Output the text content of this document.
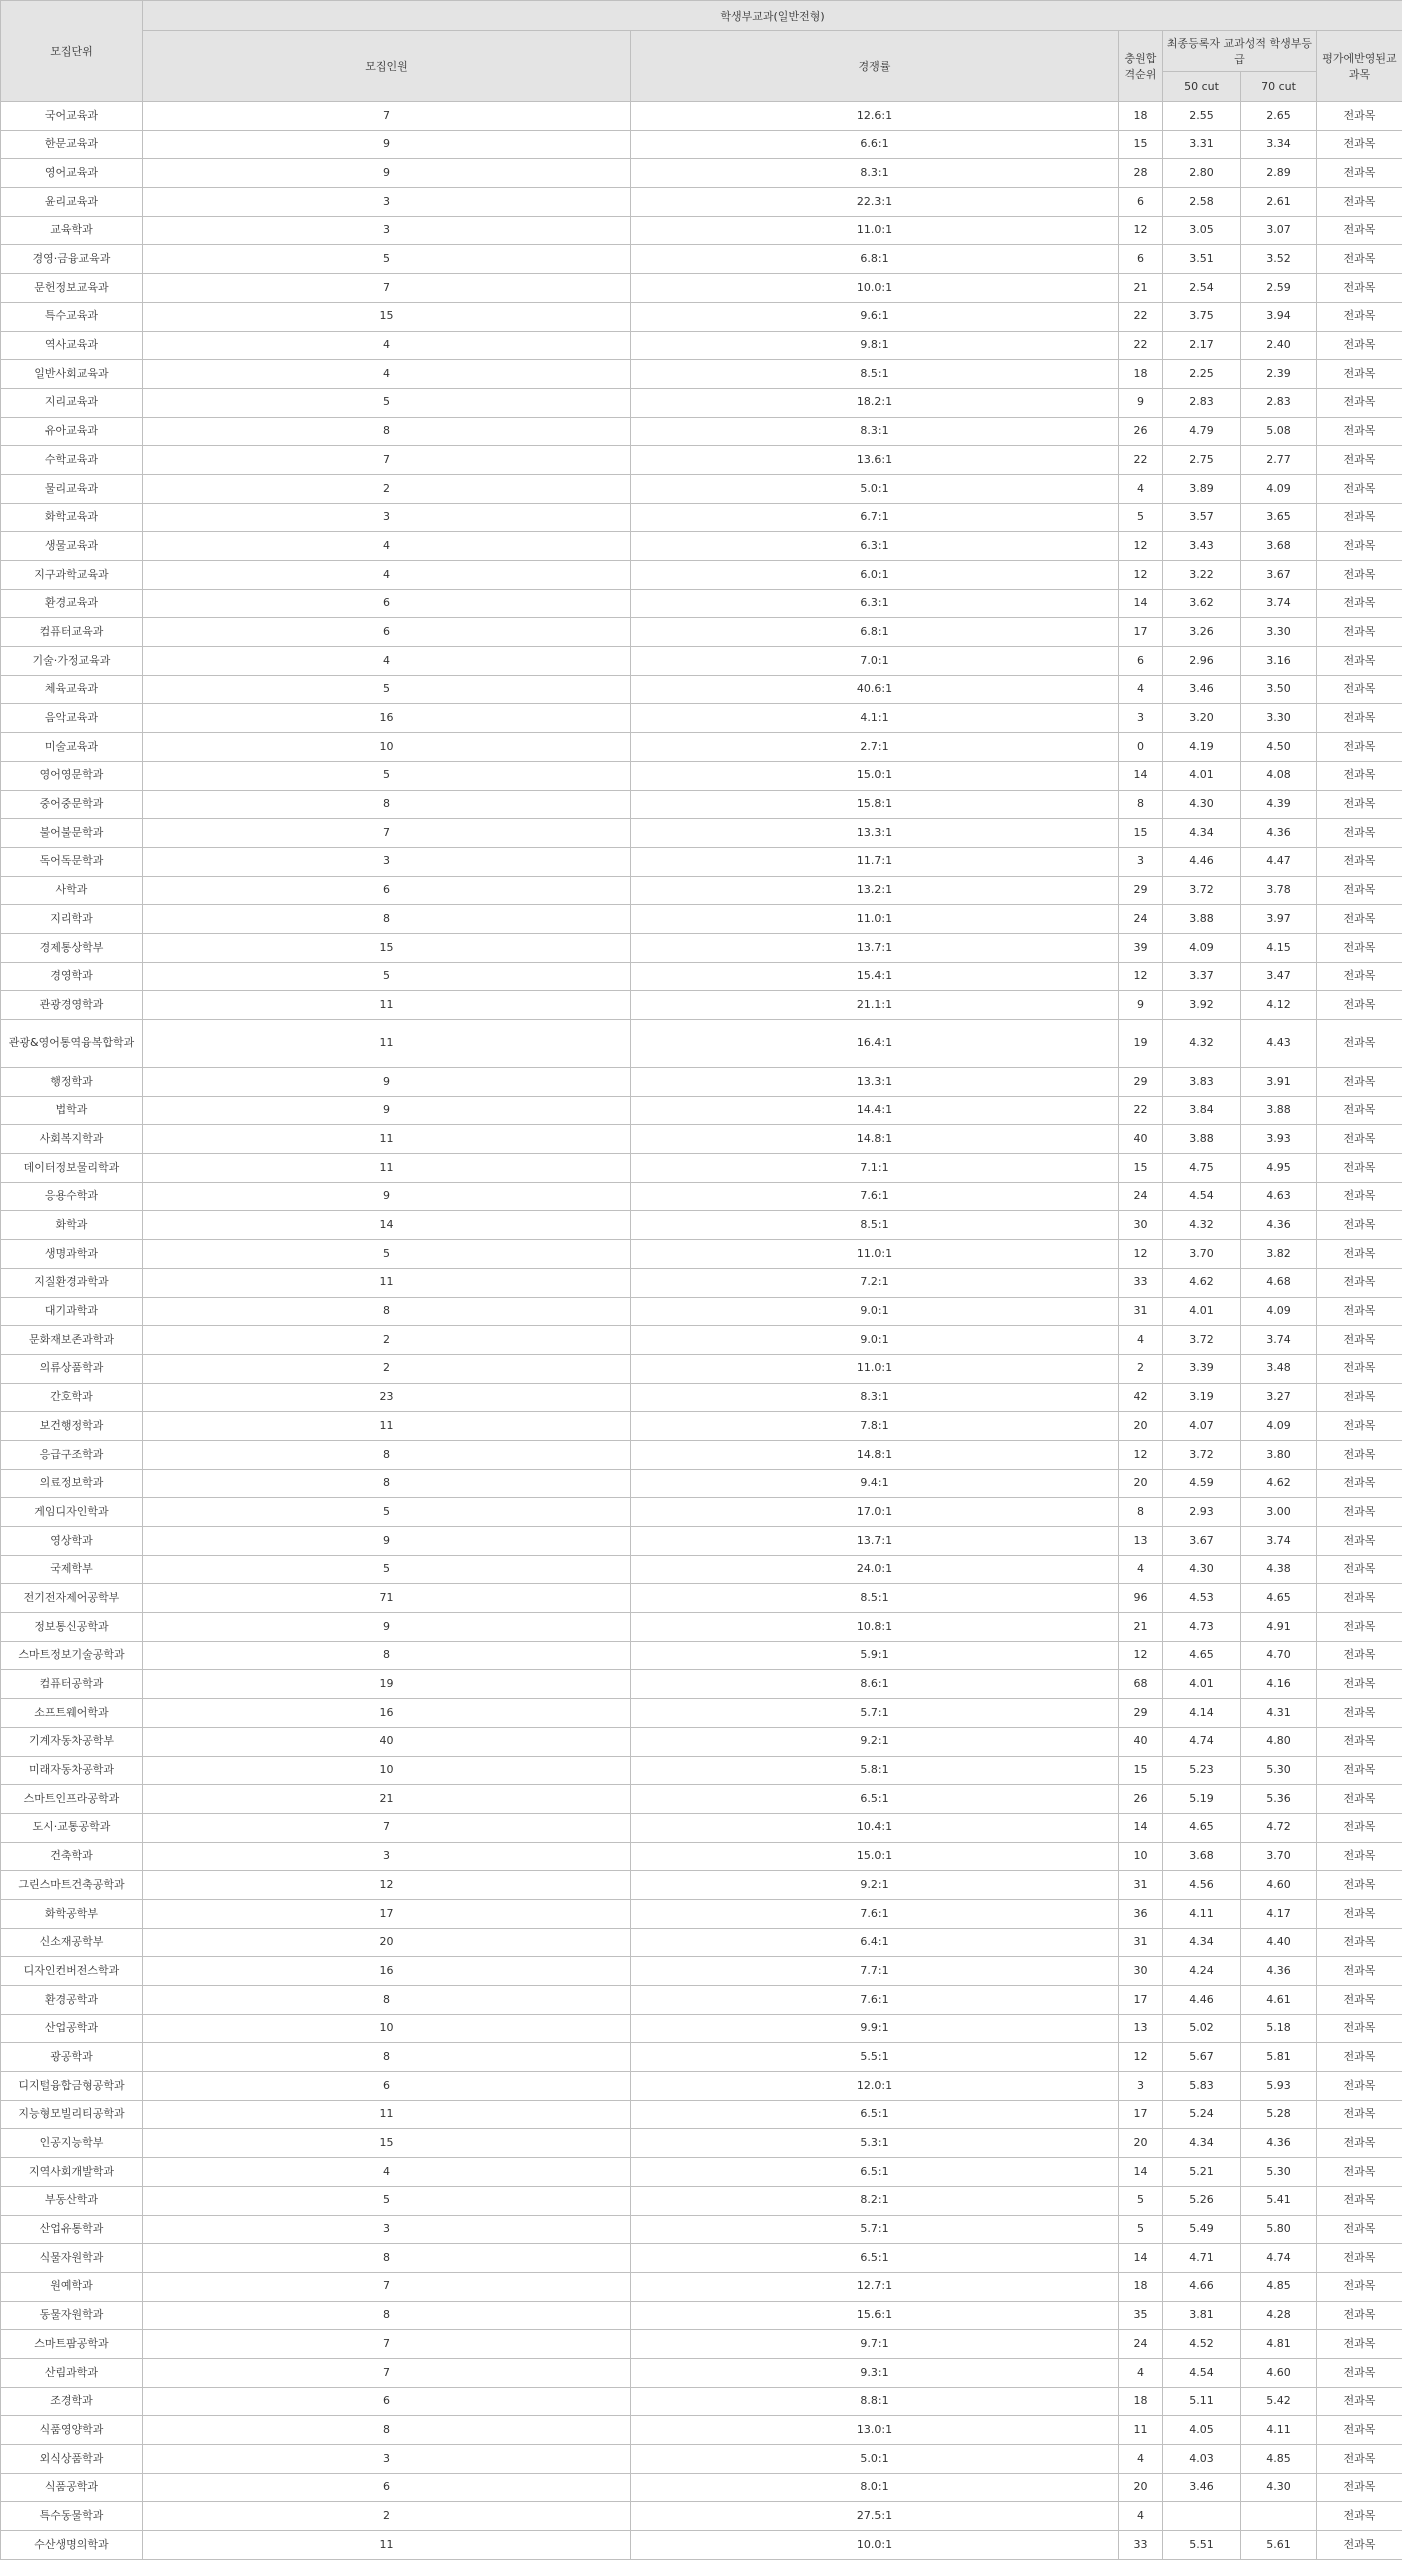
모집단위	학생부교과(일반전형)					
	모집인원	경쟁률	충원합격순위	최종등록자 교과성적 학생부등급		평가에반영된교과목
				50 cut	70 cut	
국어교육과	7	12.6:1	18	2.55	2.65	전과목
한문교육과	9	6.6:1	15	3.31	3.34	전과목
영어교육과	9	8.3:1	28	2.80	2.89	전과목
윤리교육과	3	22.3:1	6	2.58	2.61	전과목
교육학과	3	11.0:1	12	3.05	3.07	전과목
경영·금융교육과	5	6.8:1	6	3.51	3.52	전과목
문헌정보교육과	7	10.0:1	21	2.54	2.59	전과목
특수교육과	15	9.6:1	22	3.75	3.94	전과목
역사교육과	4	9.8:1	22	2.17	2.40	전과목
일반사회교육과	4	8.5:1	18	2.25	2.39	전과목
지리교육과	5	18.2:1	9	2.83	2.83	전과목
유아교육과	8	8.3:1	26	4.79	5.08	전과목
수학교육과	7	13.6:1	22	2.75	2.77	전과목
물리교육과	2	5.0:1	4	3.89	4.09	전과목
화학교육과	3	6.7:1	5	3.57	3.65	전과목
생물교육과	4	6.3:1	12	3.43	3.68	전과목
지구과학교육과	4	6.0:1	12	3.22	3.67	전과목
환경교육과	6	6.3:1	14	3.62	3.74	전과목
컴퓨터교육과	6	6.8:1	17	3.26	3.30	전과목
기술·가정교육과	4	7.0:1	6	2.96	3.16	전과목
체육교육과	5	40.6:1	4	3.46	3.50	전과목
음악교육과	16	4.1:1	3	3.20	3.30	전과목
미술교육과	10	2.7:1	0	4.19	4.50	전과목
영어영문학과	5	15.0:1	14	4.01	4.08	전과목
중어중문학과	8	15.8:1	8	4.30	4.39	전과목
불어불문학과	7	13.3:1	15	4.34	4.36	전과목
독어독문학과	3	11.7:1	3	4.46	4.47	전과목
사학과	6	13.2:1	29	3.72	3.78	전과목
지리학과	8	11.0:1	24	3.88	3.97	전과목
경제통상학부	15	13.7:1	39	4.09	4.15	전과목
경영학과	5	15.4:1	12	3.37	3.47	전과목
관광경영학과	11	21.1:1	9	3.92	4.12	전과목
관광&영어통역융복합학과	11	16.4:1	19	4.32	4.43	전과목
행정학과	9	13.3:1	29	3.83	3.91	전과목
법학과	9	14.4:1	22	3.84	3.88	전과목
사회복지학과	11	14.8:1	40	3.88	3.93	전과목
데이터정보물리학과	11	7.1:1	15	4.75	4.95	전과목
응용수학과	9	7.6:1	24	4.54	4.63	전과목
화학과	14	8.5:1	30	4.32	4.36	전과목
생명과학과	5	11.0:1	12	3.70	3.82	전과목
지질환경과학과	11	7.2:1	33	4.62	4.68	전과목
대기과학과	8	9.0:1	31	4.01	4.09	전과목
문화재보존과학과	2	9.0:1	4	3.72	3.74	전과목
의류상품학과	2	11.0:1	2	3.39	3.48	전과목
간호학과	23	8.3:1	42	3.19	3.27	전과목
보건행정학과	11	7.8:1	20	4.07	4.09	전과목
응급구조학과	8	14.8:1	12	3.72	3.80	전과목
의료정보학과	8	9.4:1	20	4.59	4.62	전과목
게임디자인학과	5	17.0:1	8	2.93	3.00	전과목
영상학과	9	13.7:1	13	3.67	3.74	전과목
국제학부	5	24.0:1	4	4.30	4.38	전과목
전기전자제어공학부	71	8.5:1	96	4.53	4.65	전과목
정보통신공학과	9	10.8:1	21	4.73	4.91	전과목
스마트정보기술공학과	8	5.9:1	12	4.65	4.70	전과목
컴퓨터공학과	19	8.6:1	68	4.01	4.16	전과목
소프트웨어학과	16	5.7:1	29	4.14	4.31	전과목
기계자동차공학부	40	9.2:1	40	4.74	4.80	전과목
미래자동차공학과	10	5.8:1	15	5.23	5.30	전과목
스마트인프라공학과	21	6.5:1	26	5.19	5.36	전과목
도시·교통공학과	7	10.4:1	14	4.65	4.72	전과목
건축학과	3	15.0:1	10	3.68	3.70	전과목
그린스마트건축공학과	12	9.2:1	31	4.56	4.60	전과목
화학공학부	17	7.6:1	36	4.11	4.17	전과목
신소재공학부	20	6.4:1	31	4.34	4.40	전과목
디자인컨버전스학과	16	7.7:1	30	4.24	4.36	전과목
환경공학과	8	7.6:1	17	4.46	4.61	전과목
산업공학과	10	9.9:1	13	5.02	5.18	전과목
광공학과	8	5.5:1	12	5.67	5.81	전과목
디지털융합금형공학과	6	12.0:1	3	5.83	5.93	전과목
지능형모빌리티공학과	11	6.5:1	17	5.24	5.28	전과목
인공지능학부	15	5.3:1	20	4.34	4.36	전과목
지역사회개발학과	4	6.5:1	14	5.21	5.30	전과목
부동산학과	5	8.2:1	5	5.26	5.41	전과목
산업유통학과	3	5.7:1	5	5.49	5.80	전과목
식물자원학과	8	6.5:1	14	4.71	4.74	전과목
원예학과	7	12.7:1	18	4.66	4.85	전과목
동물자원학과	8	15.6:1	35	3.81	4.28	전과목
스마트팜공학과	7	9.7:1	24	4.52	4.81	전과목
산림과학과	7	9.3:1	4	4.54	4.60	전과목
조경학과	6	8.8:1	18	5.11	5.42	전과목
식품영양학과	8	13.0:1	11	4.05	4.11	전과목
외식상품학과	3	5.0:1	4	4.03	4.85	전과목
식품공학과	6	8.0:1	20	3.46	4.30	전과목
특수동물학과	2	27.5:1	4			전과목
수산생명의학과	11	10.0:1	33	5.51	5.61	전과목
